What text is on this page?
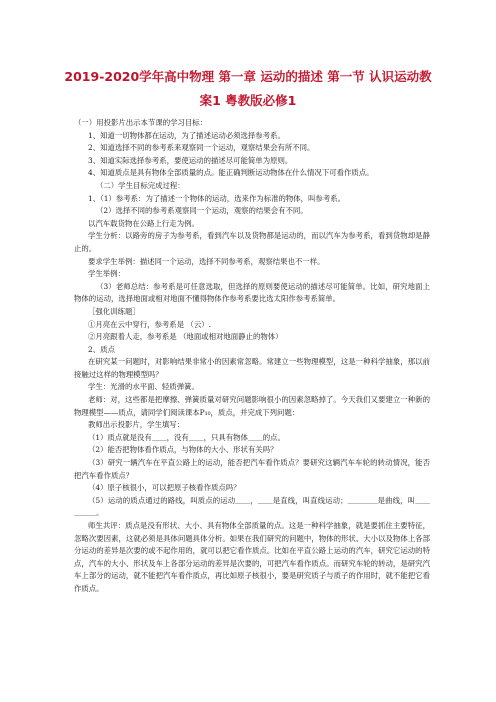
2019-2020学年高中物理 第一章 运动的描述 第一节 认识运动教
案1 粤教版必修1

（一）用投影片出示本节课的学习目标：

1、知道一切物体都在运动，为了描述运动必须选择参考系。

2、知道选择不同的参考系来观察同一个运动，观察结果会有所不同。

3、知道实际选择参考系，要使运动的描述尽可能简单为原则。

4、知道质点是具有物体全部质量的点。能正确判断运动物体在什么情况下可看作质点。

（二）学生目标完成过程：

1、（1）参考系：为了描述一个物体的运动，选来作为标准的物体，叫参考系。

（2）选择不同的参考系观察同一个运动，观察的结果会有不同。

以汽车载货物在公路上行走为例。

学生分析：以路旁的房子为参考系，看到汽车以及货物都是运动的，而以汽车为参考系，看到货物却是静止的。

要求学生举例：描述同一个运动，选择不同参考系，观察结果也不一样。

学生举例：

（3）老师总结：参考系是可任意选取，但选择的原则要使运动的描述尽可能简单。比如，研究地面上物体的运动，选择地面或相对地面不懂得物体作参考系要比选太阳作参考系简单。

［强化训练题］

①月亮在云中穿行，参考系是 （云）.

②月亮跟着人走，参考系是 （地面或相对地面静止的物体）

2、质点

在研究某一问题时，对影响结果非常小的因素常忽略。常建立一些物理模型，这是一种科学抽象，那以前接触过这样的物理模型吗？

学生：光滑的水平面、轻质弹簧。

老师：对，这些都是把摩擦、弹簧质量对研究问题影响很小的因素忽略掉了。今天我们又要建立一种新的物理模型——质点，请同学们阅读课本P₁₀，质点，并完成下列问题：

教师出示投影片，学生填写：

（1）质点就是没有＿＿，没有＿＿，只具有物体＿＿的点。

（2）能否把物体看作质点，与物体的大小、形状有关吗？

（3）研究一辆汽车在平直公路上的运动，能否把汽车看作质点？要研究这辆汽车车轮的转动情况，能否把汽车看作质点？

（4）原子核很小，可以把原子核看作质点吗？

（5）运动的质点通过的路线，叫质点的运动＿＿，＿＿是直线，叫直线运动；＿＿＿＿是曲线，叫＿＿＿＿＿。

师生共评：质点是没有形状、大小、具有物体全部质量的点。这是一种科学抽象，就是要抓住主要特征，忽略次要因素，这就必须是具体问题具体分析。如果在我们研究的问题中，物体的形状、大小以及物体上各部分运动的差异是次要的或不起作用的，就可以把它看作质点。比如在平直公路上运动的汽车，研究它运动的特点，汽车的大小、形状及车上各部分运动的差异是次要的，可把汽车看作质点。而研究车轮的转动，是研究汽车上部分的运动，就不能把汽车看作质点，再比如原子核很小，要是研究质子与质子的作用时，就不能把它看作质点。
